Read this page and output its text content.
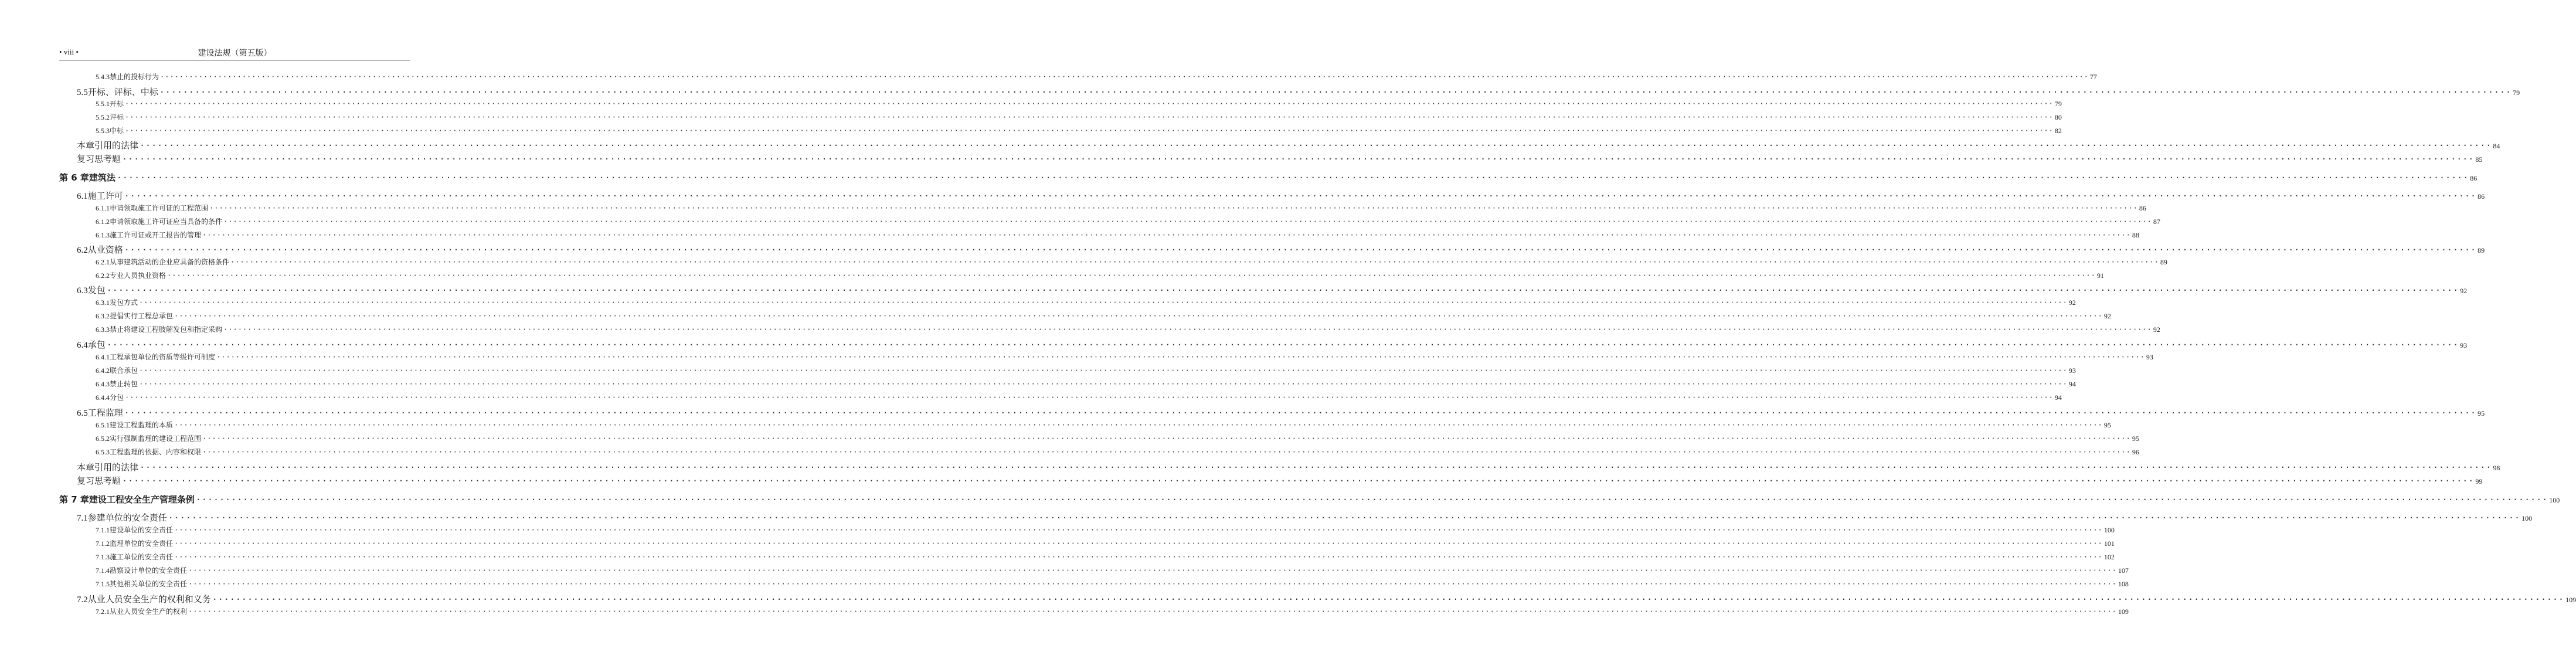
• viii •	建设法规（第五版）
5.4.3 禁止的投标行为 ················································································································································································································································································································································································································ 77
5.5 开标、评标、中标 ················································································································································································································································································································································································································ 79
5.5.1 开标 ················································································································································································································································································································································································································ 79
5.5.2 评标 ················································································································································································································································································································································································································ 80
5.5.3 中标 ················································································································································································································································································································································································································ 82
本章引用的法律 ················································································································································································································································································································································································································ 84
复习思考题 ················································································································································································································································································································································································································ 85
第 6 章 建筑法 ················································································································································································································································································································································································································ 86
6.1 施工许可 ················································································································································································································································································································································································································ 86
6.1.1 申请领取施工许可证的工程范围 ················································································································································································································································································································································································································ 86
6.1.2 申请领取施工许可证应当具备的条件 ················································································································································································································································································································································································································ 87
6.1.3 施工许可证或开工报告的管理 ················································································································································································································································································································································································································ 88
6.2 从业资格 ················································································································································································································································································································································································································ 89
6.2.1 从事建筑活动的企业应具备的资格条件 ················································································································································································································································································································································································································ 89
6.2.2 专业人员执业资格 ················································································································································································································································································································································································································ 91
6.3 发包 ················································································································································································································································································································································································································ 92
6.3.1 发包方式 ················································································································································································································································································································································································································ 92
6.3.2 提倡实行工程总承包 ················································································································································································································································································································································································································ 92
6.3.3 禁止将建设工程肢解发包和指定采购 ················································································································································································································································································································································································································ 92
6.4 承包 ················································································································································································································································································································································································································ 93
6.4.1 工程承包单位的资质等级许可制度 ················································································································································································································································································································································································································ 93
6.4.2 联合承包 ················································································································································································································································································································································································································ 93
6.4.3 禁止转包 ················································································································································································································································································································································································································ 94
6.4.4 分包 ················································································································································································································································································································································································································ 94
6.5 工程监理 ················································································································································································································································································································································································································ 95
6.5.1 建设工程监理的本质 ················································································································································································································································································································································································································ 95
6.5.2 实行强制监理的建设工程范围 ················································································································································································································································································································································································································ 95
6.5.3 工程监理的依据、内容和权限 ················································································································································································································································································································································································································ 96
本章引用的法律 ················································································································································································································································································································································································································ 98
复习思考题 ················································································································································································································································································································································································································ 99
第 7 章 建设工程安全生产管理条例 ················································································································································································································································································································································································································ 100
7.1 参建单位的安全责任 ················································································································································································································································································································································································································ 100
7.1.1 建设单位的安全责任 ················································································································································································································································································································································································································ 100
7.1.2 监理单位的安全责任 ················································································································································································································································································································································································································ 101
7.1.3 施工单位的安全责任 ················································································································································································································································································································································································································ 102
7.1.4 勘察设计单位的安全责任 ················································································································································································································································································································································································································ 107
7.1.5 其他相关单位的安全责任 ················································································································································································································································································································································································································ 108
7.2 从业人员安全生产的权利和义务 ················································································································································································································································································································································································································ 109
7.2.1 从业人员安全生产的权利 ················································································································································································································································································································································································································ 109
